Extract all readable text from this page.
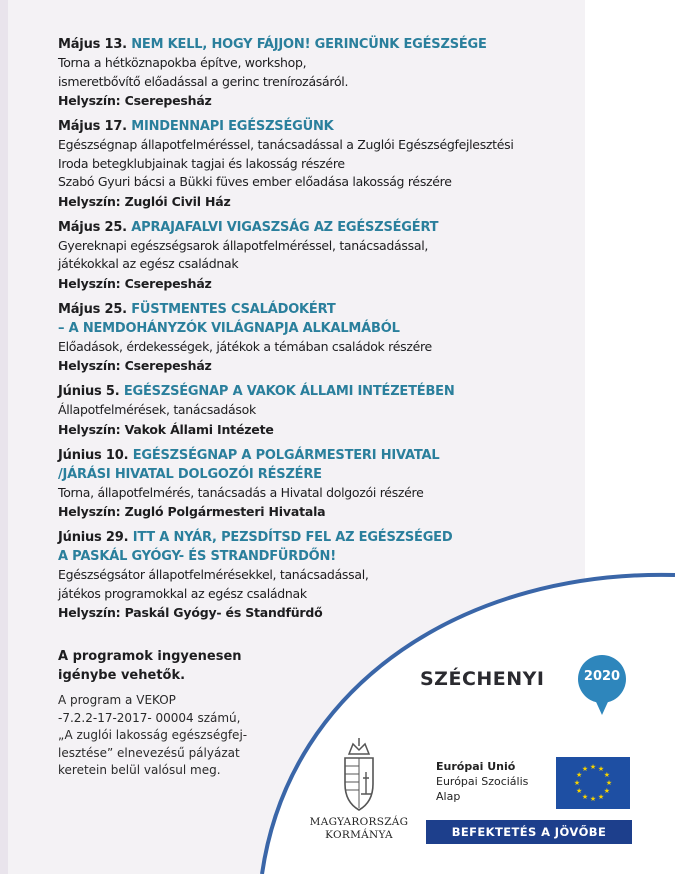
Május 13. NEM KELL, HOGY FÁJJON! GERINCÜNK EGÉSZSÉGE
Torna a hétköznapokba építve, workshop,
ismeretbővítő előadással a gerinc trenírozásáról.
Helyszín: Cserepesház
Május 17. MINDENNAPI EGÉSZSÉGÜNK
Egészségnap állapotfelméréssel, tanácsadással a Zuglói Egészségfejlesztési
Iroda betegklubjainak tagjai és lakosság részére
Szabó Gyuri bácsi a Bükki füves ember előadása lakosság részére
Helyszín: Zuglói Civil Ház
Május 25. APRAJAFALVI VIGASZSÁG AZ EGÉSZSÉGÉRT
Gyereknapi egészségsarok állapotfelméréssel, tanácsadással,
játékokkal az egész családnak
Helyszín: Cserepesház
Május 25. FÜSTMENTES CSALÁDOKÉRT
– A NEMDOHÁNYZÓK VILÁGNAPJA ALKALMÁBÓL
Előadások, érdekességek, játékok a témában családok részére
Helyszín: Cserepesház
Június 5. EGÉSZSÉGNAP A VAKOK ÁLLAMI INTÉZETÉBEN
Állapotfelmérések, tanácsadások
Helyszín: Vakok Állami Intézete
Június 10. EGÉSZSÉGNAP A POLGÁRMESTERI HIVATAL
/JÁRÁSI HIVATAL DOLGOZÓI RÉSZÉRE
Torna, állapotfelmérés, tanácsadás a Hivatal dolgozói részére
Helyszín: Zugló Polgármesteri Hivatala
Június 29. ITT A NYÁR, PEZSDÍTSD FEL AZ EGÉSZSÉGED
A PASKÁL GYÓGY- ÉS STRANDFÜRDŐN!
Egészségsátor állapotfelmérésekkel, tanácsadással,
játékos programokkal az egész családnak
Helyszín: Paskál Gyógy- és Standfürdő
A programok ingyenesen
igénybe vehetők.
A program a VEKOP
-7.2.2-17-2017- 00004 számú,
„A zuglói lakosság egészségfej-
lesztése” elnevezésű pályázat
keretein belül valósul meg.
SZÉCHENYI	2020
MAGYARORSZÁG
KORMÁNYA
Európai Unió
Európai Szociális
Alap
★
★
★
★
★
★
★
★
★ ★ ★
★
BEFEKTETÉS A JÖVŐBE
